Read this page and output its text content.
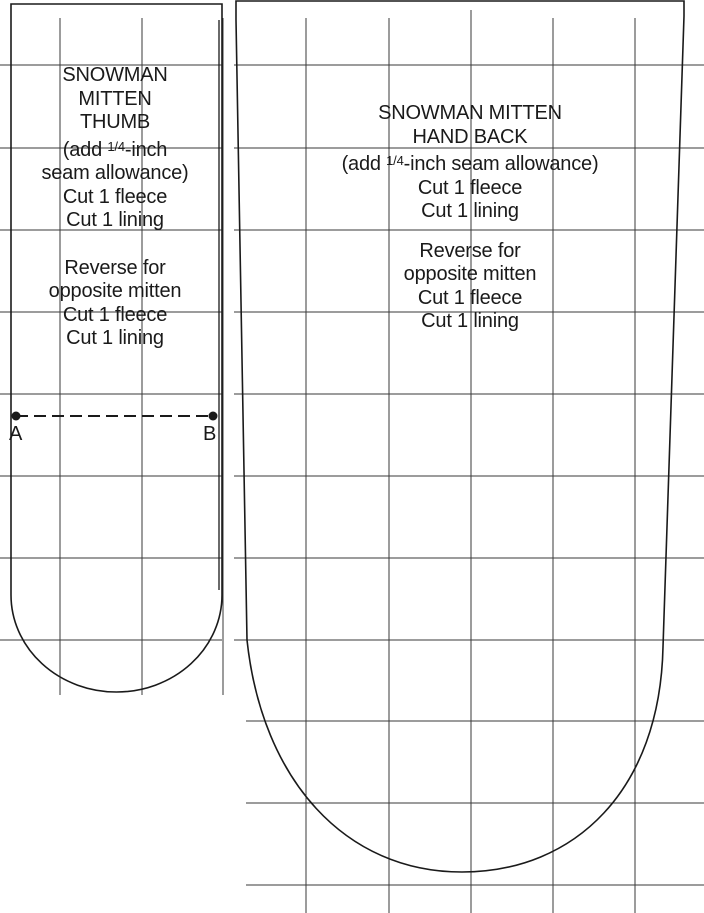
SNOWMAN
MITTEN
THUMB
(add $^{1/4}$-inch
seam allowance)
Cut 1 fleece
Cut 1 lining
Reverse for
opposite mitten
Cut 1 fleece
Cut 1 lining
A	B
SNOWMAN MITTEN
HAND BACK
(add $^{1/4}$-inch seam allowance)
Cut 1 fleece
Cut 1 lining
Reverse for
opposite mitten
Cut 1 fleece
Cut 1 lining
